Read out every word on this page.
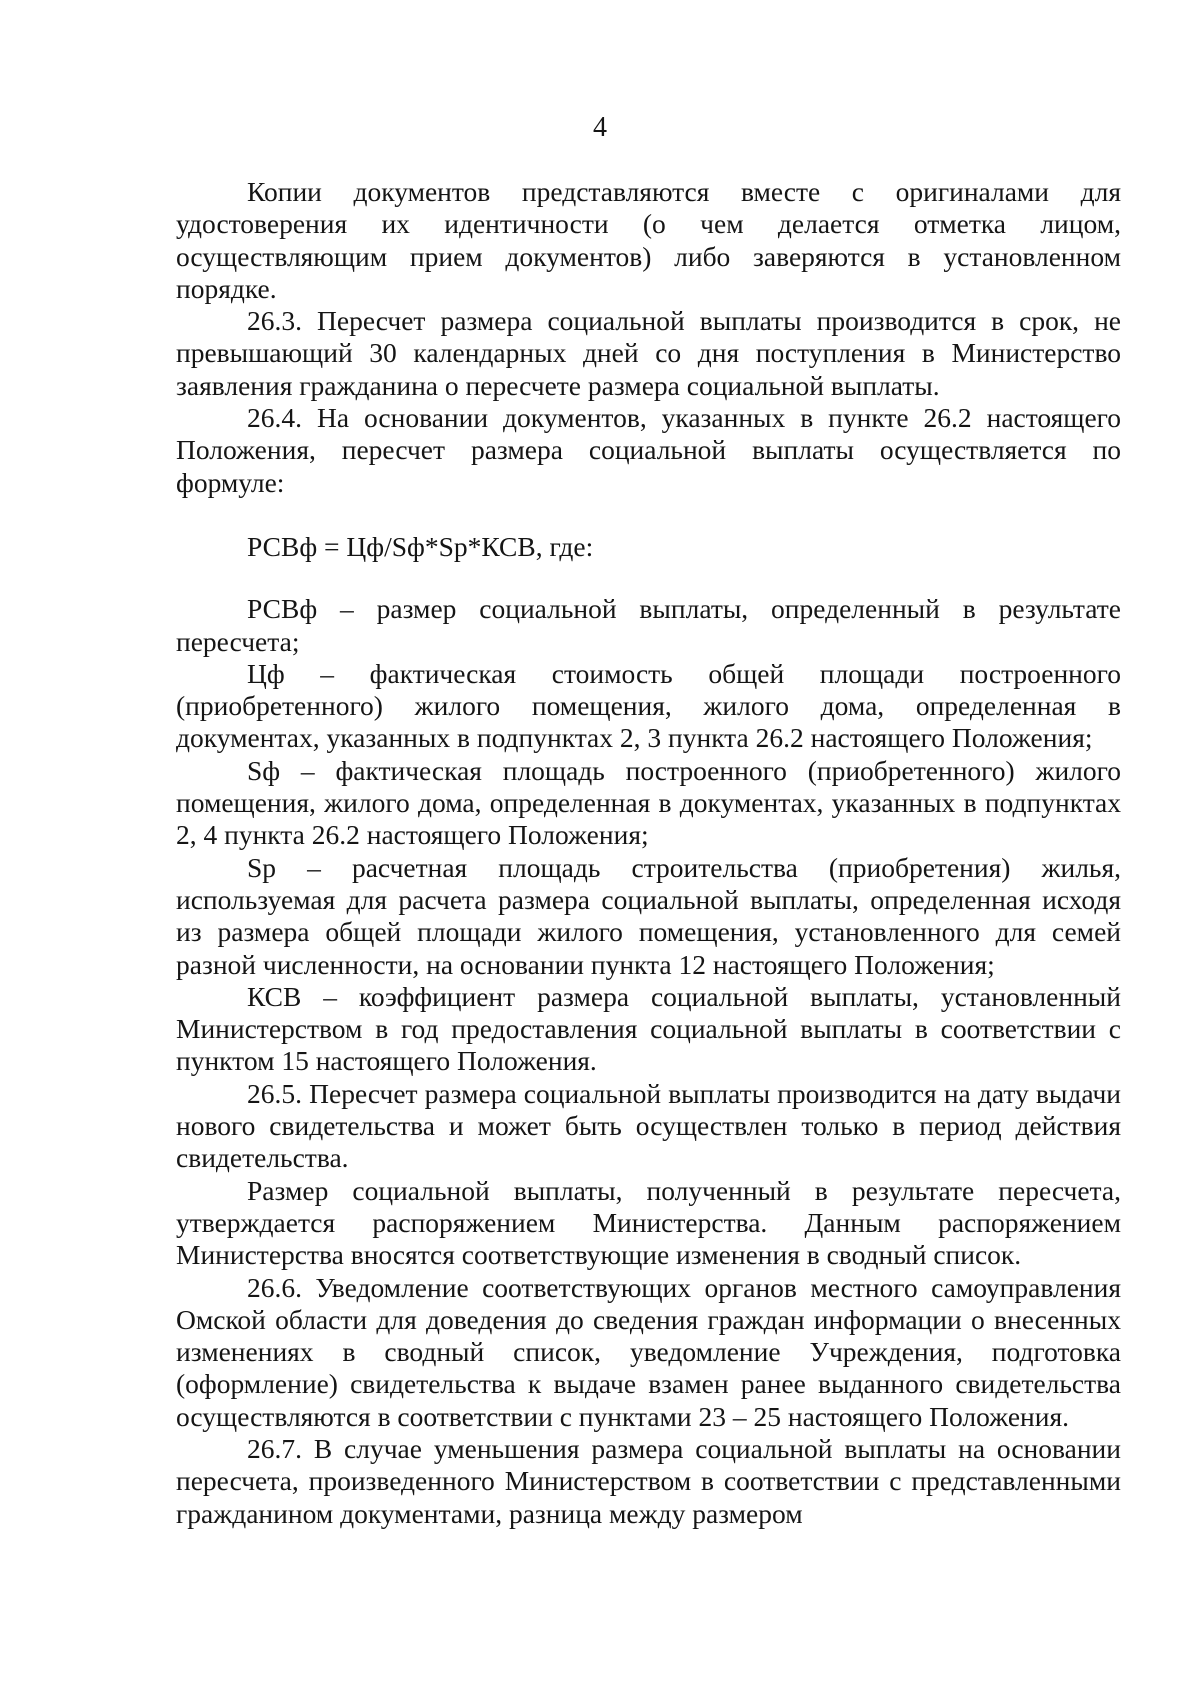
4

Копии документов представляются вместе с оригиналами для удостоверения их идентичности (о чем делается отметка лицом, осуществляющим прием документов) либо заверяются в установленном порядке.

26.3. Пересчет размера социальной выплаты производится в срок, не превышающий 30 календарных дней со дня поступления в Министерство заявления гражданина о пересчете размера социальной выплаты.

26.4. На основании документов, указанных в пункте 26.2 настоящего Положения, пересчет размера социальной выплаты осуществляется по формуле:

РСВф = Цф/Sф*Sp*КСВ, где:

РСВф – размер социальной выплаты, определенный в результате пересчета;

Цф – фактическая стоимость общей площади построенного (приобретенного) жилого помещения, жилого дома, определенная в документах, указанных в подпунктах 2, 3 пункта 26.2 настоящего Положения;

Sф – фактическая площадь построенного (приобретенного) жилого помещения, жилого дома, определенная в документах, указанных в подпунктах 2, 4 пункта 26.2 настоящего Положения;

Sp – расчетная площадь строительства (приобретения) жилья, используемая для расчета размера социальной выплаты, определенная исходя из размера общей площади жилого помещения, установленного для семей разной численности, на основании пункта 12 настоящего Положения;

КСВ – коэффициент размера социальной выплаты, установленный Министерством в год предоставления социальной выплаты в соответствии с пунктом 15 настоящего Положения.

26.5. Пересчет размера социальной выплаты производится на дату выдачи нового свидетельства и может быть осуществлен только в период действия свидетельства.

Размер социальной выплаты, полученный в результате пересчета, утверждается распоряжением Министерства. Данным распоряжением Министерства вносятся соответствующие изменения в сводный список.

26.6. Уведомление соответствующих органов местного самоуправления Омской области для доведения до сведения граждан информации о внесенных изменениях в сводный список, уведомление Учреждения, подготовка (оформление) свидетельства к выдаче взамен ранее выданного свидетельства осуществляются в соответствии с пунктами 23 – 25 настоящего Положения.

26.7. В случае уменьшения размера социальной выплаты на основании пересчета, произведенного Министерством в соответствии с представленными гражданином документами, разница между размером
